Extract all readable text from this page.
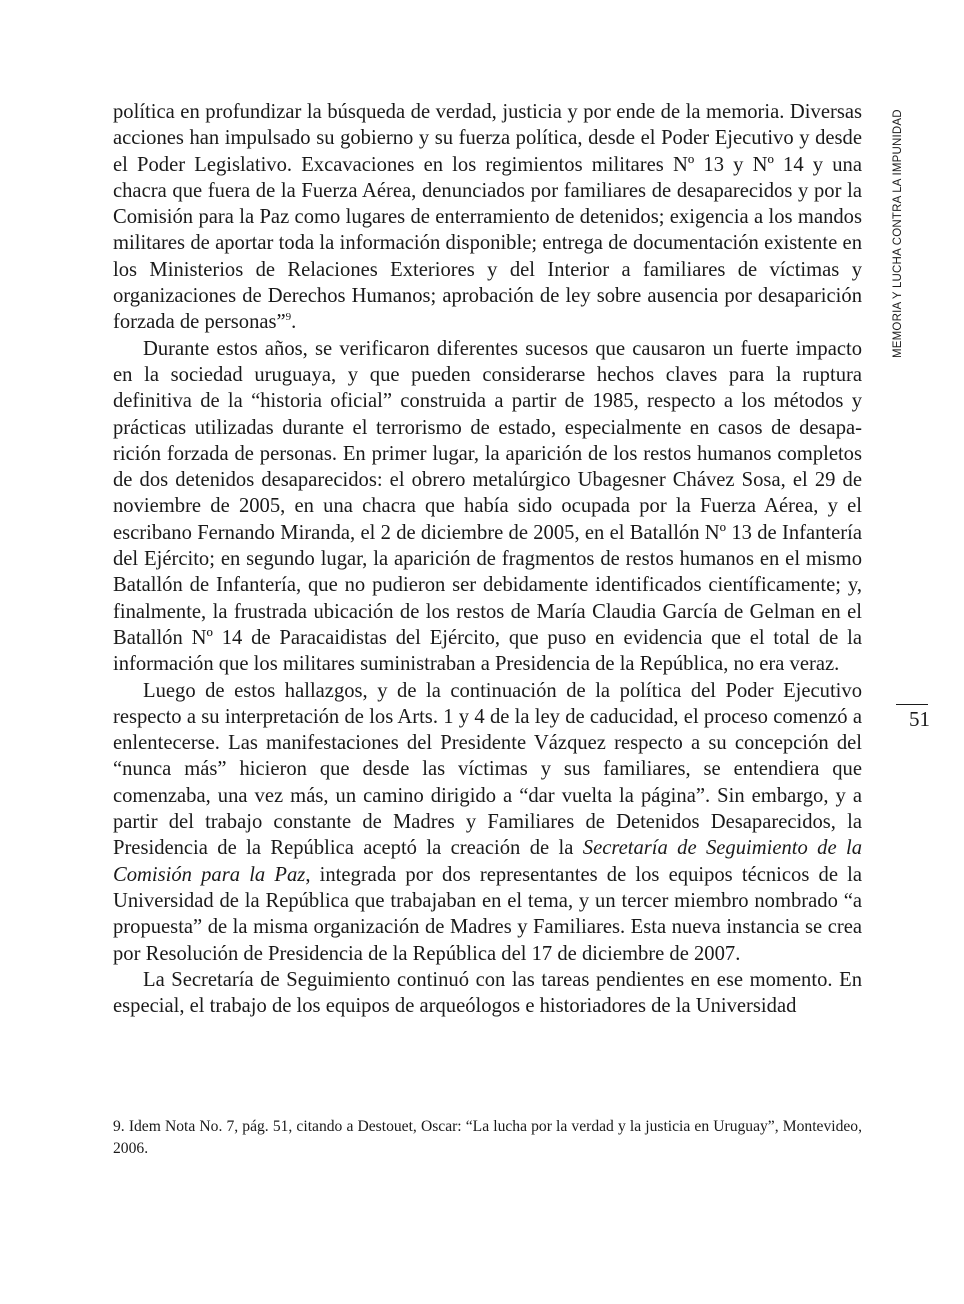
MEMORIA Y LUCHA CONTRA LA IMPUNIDAD
51

política en profundizar la búsqueda de verdad, justicia y por ende de la memoria. Diversas acciones han impulsado su gobierno y su fuerza política, desde el Poder Ejecutivo y desde el Poder Legislativo. Excavaciones en los regimientos militares Nº 13 y Nº 14 y una chacra que fuera de la Fuerza Aérea, denunciados por familiares de desaparecidos y por la Comisión para la Paz como lugares de enterramiento de detenidos; exigencia a los mandos militares de aportar toda la información disponible; entrega de documentación existente en los Ministerios de Relaciones Exteriores y del Interior a familiares de víctimas y organizaciones de Derechos Humanos; aprobación de ley sobre ausencia por desaparición forzada de personas”$^9$.

Durante estos años, se verificaron diferentes sucesos que causaron un fuerte impacto en la sociedad uruguaya, y que pueden considerarse hechos claves para la ruptura definitiva de la “historia oficial” construida a partir de 1985, respecto a los métodos y prácticas utilizadas durante el terrorismo de estado, especialmente en casos de desaparición forzada de personas. En primer lugar, la aparición de los restos humanos completos de dos detenidos desaparecidos: el obrero metalúrgico Ubagesner Chávez Sosa, el 29 de noviembre de 2005, en una chacra que había sido ocupada por la Fuerza Aérea, y el escribano Fernando Miranda, el 2 de diciembre de 2005, en el Batallón Nº 13 de Infantería del Ejército; en segundo lugar, la aparición de fragmentos de restos humanos en el mismo Batallón de Infantería, que no pudieron ser debidamente identificados científicamente; y, finalmente, la frustrada ubicación de los restos de María Claudia García de Gelman en el Batallón Nº 14 de Paracaidistas del Ejército, que puso en evidencia que el total de la información que los militares suministraban a Presidencia de la República, no era veraz.

Luego de estos hallazgos, y de la continuación de la política del Poder Ejecutivo respecto a su interpretación de los Arts. 1 y 4 de la ley de caducidad, el proceso comenzó a enlentecerse. Las manifestaciones del Presidente Vázquez respecto a su concepción del “nunca más” hicieron que desde las víctimas y sus familiares, se entendiera que comenzaba, una vez más, un camino dirigido a “dar vuelta la página”. Sin embargo, y a partir del trabajo constante de Madres y Familiares de Detenidos Desaparecidos, la Presidencia de la República aceptó la creación de la Secretaría de Seguimiento de la Comisión para la Paz, integrada por dos representantes de los equipos técnicos de la Universidad de la República que trabajaban en el tema, y un tercer miembro nombrado “a propuesta” de la misma organización de Madres y Familiares. Esta nueva instancia se crea por Resolución de Presidencia de la República del 17 de diciembre de 2007.

La Secretaría de Seguimiento continuó con las tareas pendientes en ese momento. En especial, el trabajo de los equipos de arqueólogos e historiadores de la Universidad

9. Idem Nota No. 7, pág. 51, citando a Destouet, Oscar: “La lucha por la verdad y la justicia en Uruguay”, Montevideo, 2006.
